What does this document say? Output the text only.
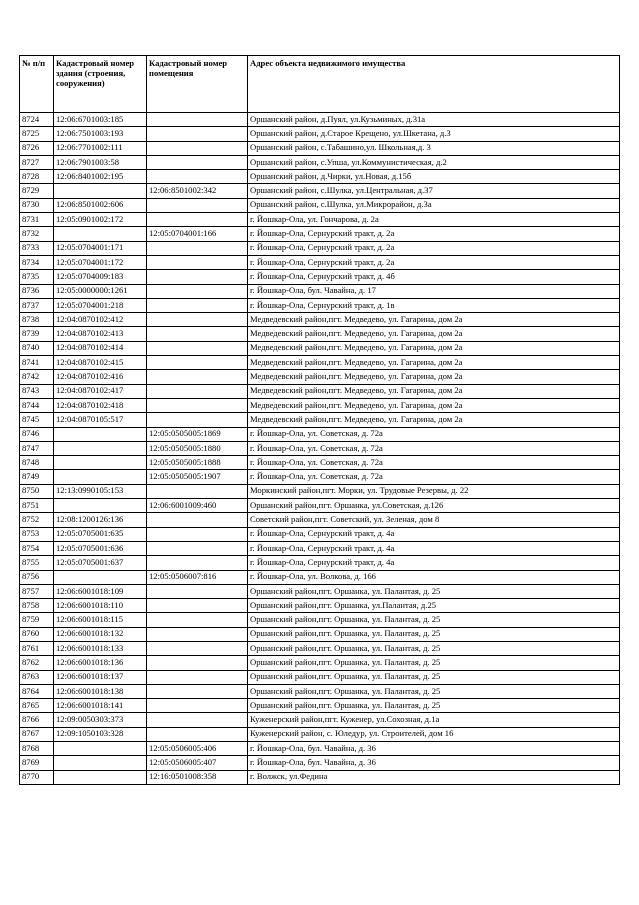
№ п/п	Кадастровый номер здания (строения, сооружения)	Кадастровый номер помещения	Адрес объекта недвижимого имущества
8724	12:06:6701003:185		Оршанский район, д.Пуял, ул.Кузьминых, д.31а
8725	12:06:7501003:193		Оршанский район, д.Старое Крещено, ул.Шкетана, д.3
8726	12:06:7701002:111		Оршанский район, с.Табашино,ул. Школьная,д. 3
8727	12:06:7901003:58		Оршанский район, с.Упша, ул.Коммунистическая, д.2
8728	12:06:8401002:195		Оршанский район, д.Чирки, ул.Новая, д.15б
8729		12:06:8501002:342	Оршанский район, с.Шулка, ул.Центральная, д.37
8730	12:06:8501002:606		Оршанский район, с.Шулка, ул.Микрорайон, д.3а
8731	12:05:0901002:172		г. Йошкар-Ола, ул. Гончарова, д. 2а
8732		12:05:0704001:166	г. Йошкар-Ола, Сернурский тракт, д. 2а
8733	12:05:0704001:171		г. Йошкар-Ола, Сернурский тракт, д. 2а
8734	12:05:0704001:172		г. Йошкар-Ола, Сернурский тракт, д. 2а
8735	12:05:0704009:183		г. Йошкар-Ола, Сернурский тракт, д. 4б
8736	12:05:0000000:1261		г. Йошкар-Ола, бул. Чавайна, д. 17
8737	12:05:0704001:218		г. Йошкар-Ола, Сернурский тракт, д. 1в
8738	12:04:0870102:412		Медведевский район,пгт. Медведево, ул. Гагарина, дом 2а
8739	12:04:0870102:413		Медведевский район,пгт. Медведево, ул. Гагарина, дом 2а
8740	12:04:0870102:414		Медведевский район,пгт. Медведево, ул. Гагарина, дом 2а
8741	12:04:0870102:415		Медведевский район,пгт. Медведево, ул. Гагарина, дом 2а
8742	12:04:0870102:416		Медведевский район,пгт. Медведево, ул. Гагарина, дом 2а
8743	12:04:0870102:417		Медведевский район,пгт. Медведево, ул. Гагарина, дом 2а
8744	12:04:0870102:418		Медведевский район,пгт. Медведево, ул. Гагарина, дом 2а
8745	12:04:0870105:517		Медведевский район,пгт. Медведево, ул. Гагарина, дом 2а
8746		12:05:0505005:1869	г. Йошкар-Ола, ул. Советская, д. 72а
8747		12:05:0505005:1880	г. Йошкар-Ола, ул. Советская, д. 72а
8748		12:05:0505005:1888	г. Йошкар-Ола, ул. Советская, д. 72а
8749		12:05:0505005:1907	г. Йошкар-Ола, ул. Советская, д. 72а
8750	12:13:0990105:153		Моркинский район,пгт. Морки, ул. Трудовые Резервы, д. 22
8751		12:06:6001009:460	Оршанский район,пгт. Оршанка, ул.Советская, д.126
8752	12:08:1200126:136		Советский район,пгт. Советский, ул. Зеленая, дом 8
8753	12:05:0705001:635		г. Йошкар-Ола, Сернурский тракт, д. 4а
8754	12:05:0705001:636		г. Йошкар-Ола, Сернурский тракт, д. 4а
8755	12:05:0705001:637		г. Йошкар-Ола, Сернурский тракт, д. 4а
8756		12:05:0506007:816	г. Йошкар-Ола, ул. Волкова, д. 166
8757	12:06:6001018:109		Оршанский район,пгт. Оршанка, ул. Палантая, д. 25
8758	12:06:6001018:110		Оршанский район,пгт. Оршанка, ул.Палантая, д.25
8759	12:06:6001018:115		Оршанский район,пгт. Оршанка, ул. Палантая, д. 25
8760	12:06:6001018:132		Оршанский район,пгт. Оршанка, ул. Палантая, д. 25
8761	12:06:6001018:133		Оршанский район,пгт. Оршанка, ул. Палантая, д. 25
8762	12:06:6001018:136		Оршанский район,пгт. Оршанка, ул. Палантая, д. 25
8763	12:06:6001018:137		Оршанский район,пгт. Оршанка, ул. Палантая, д. 25
8764	12:06:6001018:138		Оршанский район,пгт. Оршанка, ул. Палантая, д. 25
8765	12:06:6001018:141		Оршанский район,пгт. Оршанка, ул. Палантая, д. 25
8766	12:09:0050303:373		Куженерский район,пгт. Куженер, ул.Сохозная, д.1а
8767	12:09:1050103:328		Куженерский район, с. Юледур, ул. Строителей, дом 16
8768		12:05:0506005:406	г. Йошкар-Ола, бул. Чавайна, д. 36
8769		12:05:0506005:407	г. Йошкар-Ола, бул. Чавайна, д. 36
8770		12:16:0501008:358	г. Волжск, ул.Федина
